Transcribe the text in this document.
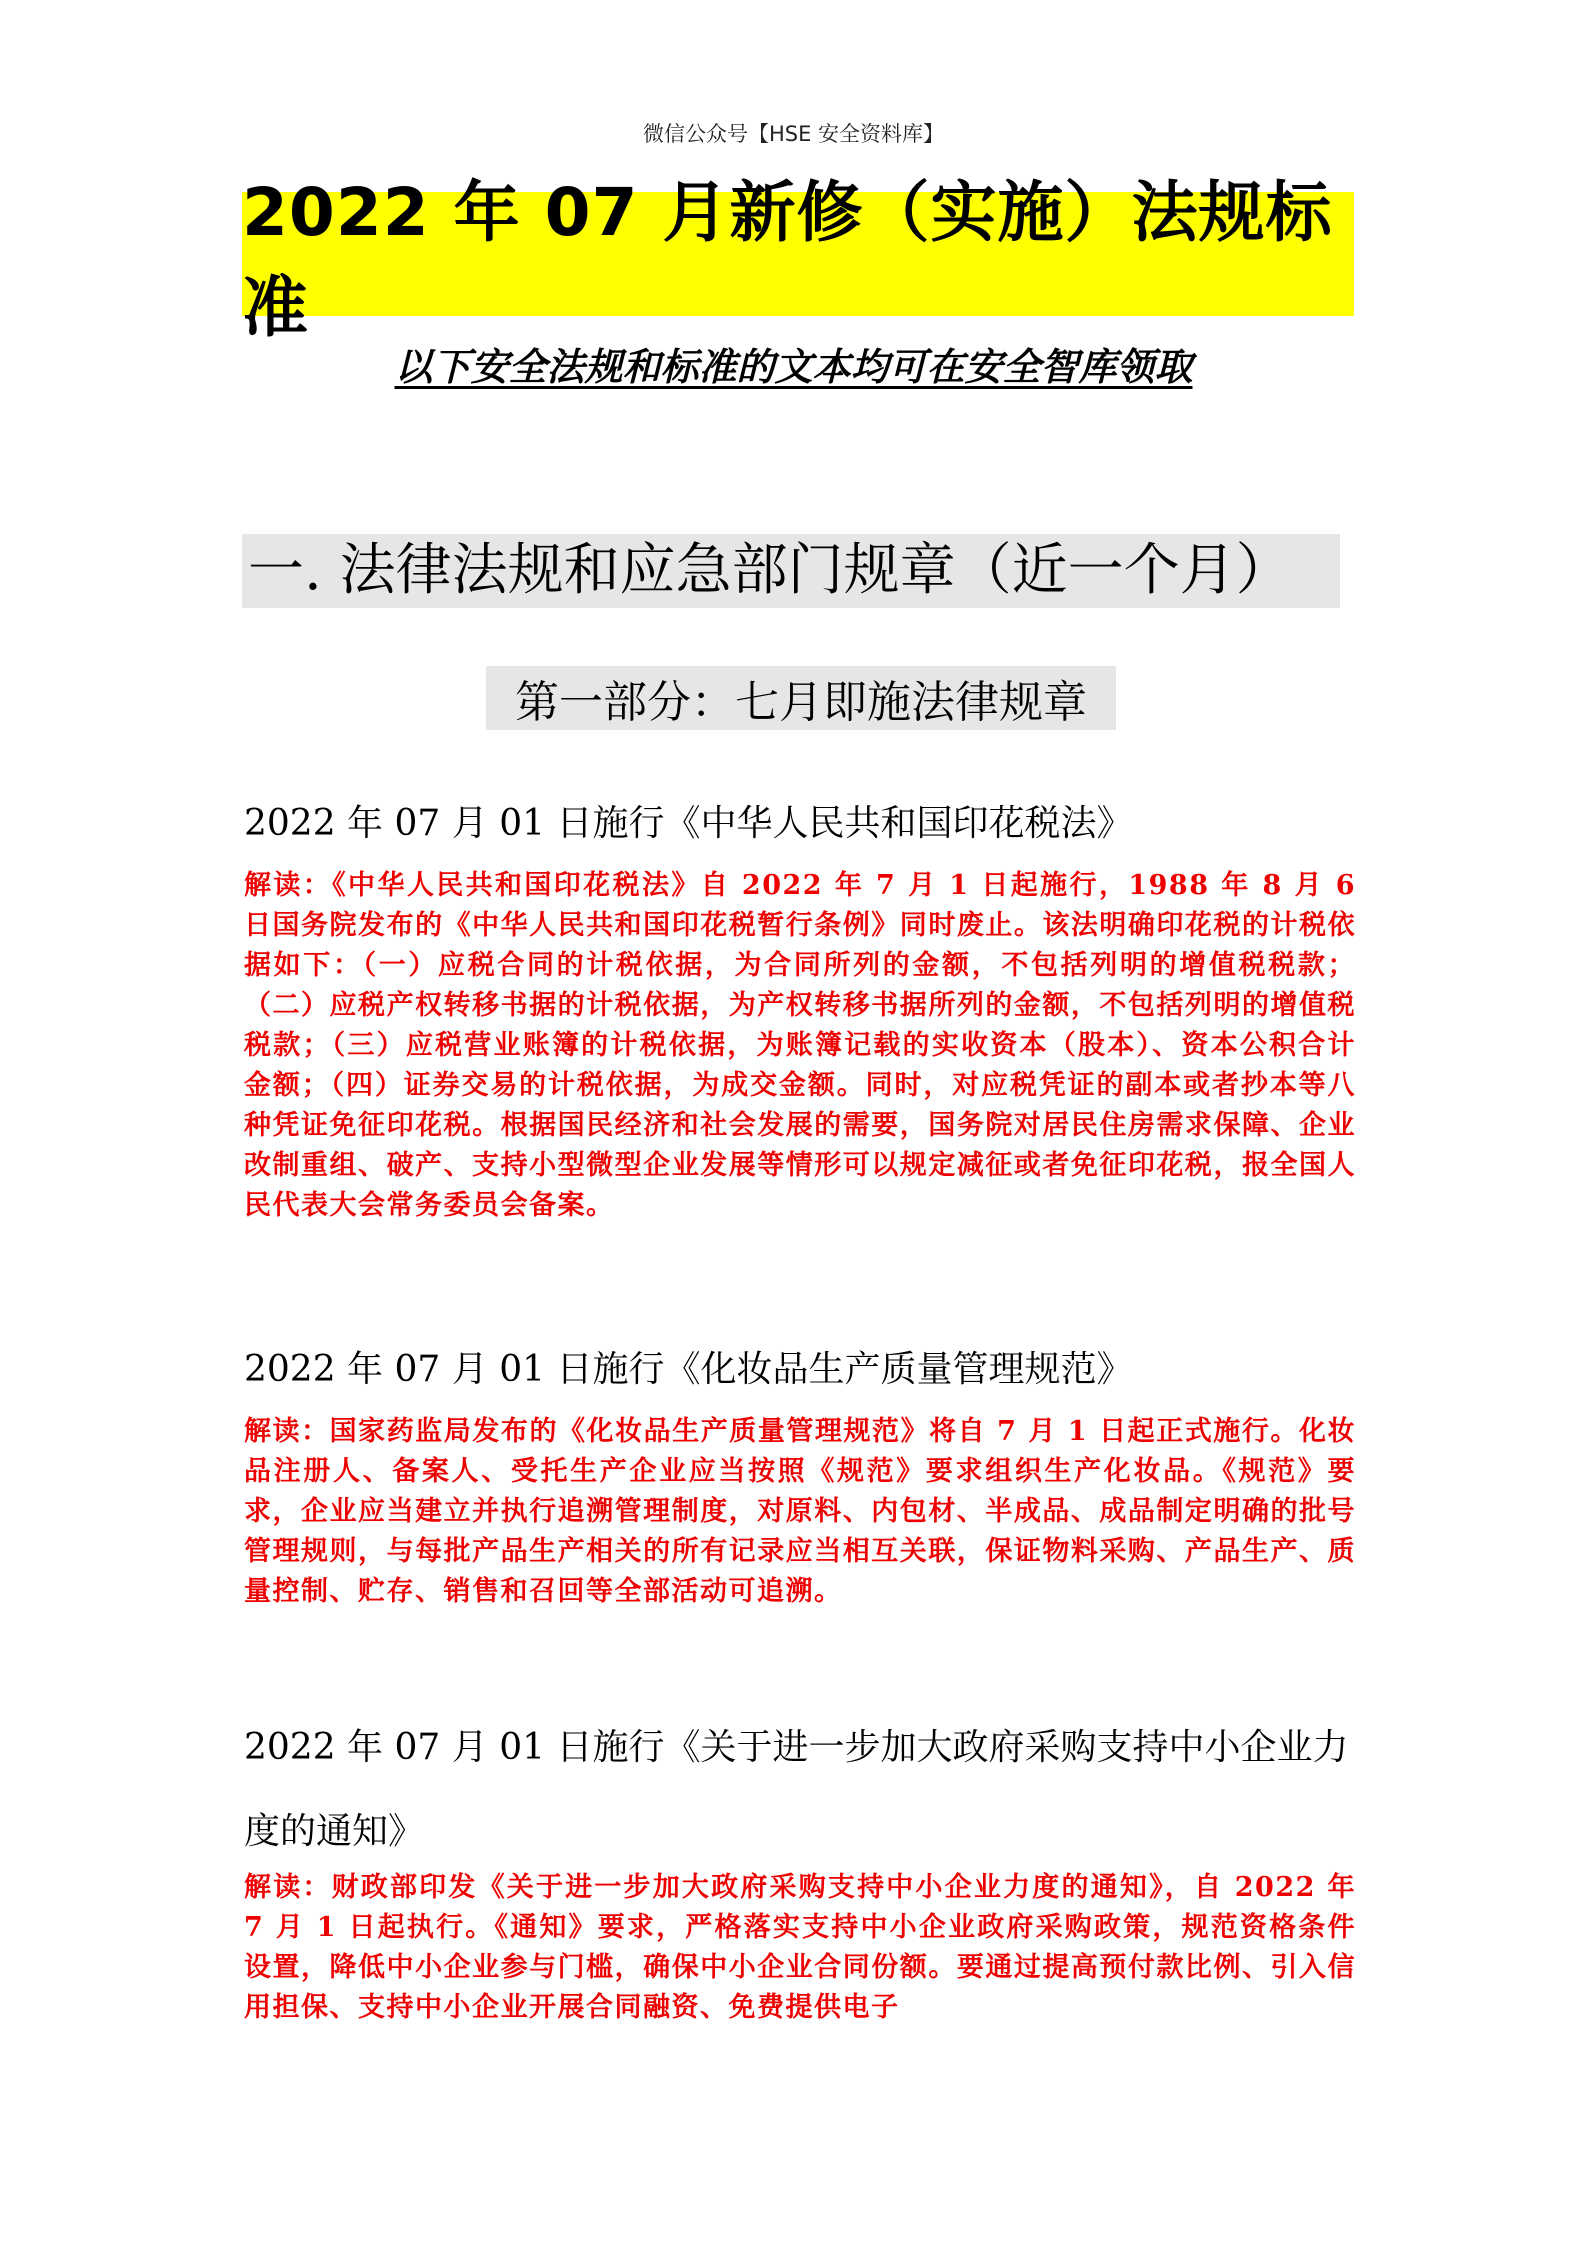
微信公众号【HSE 安全资料库】
2022 年 07 月新修（实施）法规标准
以下安全法规和标准的文本均可在安全智库领取
一. 法律法规和应急部门规章（近一个月）
第一部分：七月即施法律规章
2022 年 07 月 01 日施行《中华人民共和国印花税法》
解读：《中华人民共和国印花税法》自 2022 年 7 月 1 日起施行，1988 年 8 月 6 日国务院发布的《中华人民共和国印花税暂行条例》同时废止。该法明确印花税的计税依据如下：（一）应税合同的计税依据，为合同所列的金额，不包括列明的增值税税款；（二）应税产权转移书据的计税依据，为产权转移书据所列的金额，不包括列明的增值税税款；（三）应税营业账簿的计税依据，为账簿记载的实收资本（股本）、资本公积合计金额；（四）证券交易的计税依据，为成交金额。同时，对应税凭证的副本或者抄本等八种凭证免征印花税。根据国民经济和社会发展的需要，国务院对居民住房需求保障、企业改制重组、破产、支持小型微型企业发展等情形可以规定减征或者免征印花税，报全国人民代表大会常务委员会备案。
2022 年 07 月 01 日施行《化妆品生产质量管理规范》
解读：国家药监局发布的《化妆品生产质量管理规范》将自 7 月 1 日起正式施行。化妆品注册人、备案人、受托生产企业应当按照《规范》要求组织生产化妆品。《规范》要求，企业应当建立并执行追溯管理制度，对原料、内包材、半成品、成品制定明确的批号管理规则，与每批产品生产相关的所有记录应当相互关联，保证物料采购、产品生产、质量控制、贮存、销售和召回等全部活动可追溯。
2022 年 07 月 01 日施行《关于进一步加大政府采购支持中小企业力度的通知》
解读：财政部印发《关于进一步加大政府采购支持中小企业力度的通知》，自 2022 年 7 月 1 日起执行。《通知》要求，严格落实支持中小企业政府采购政策，规范资格条件设置，降低中小企业参与门槛，确保中小企业合同份额。要通过提高预付款比例、引入信用担保、支持中小企业开展合同融资、免费提供电子
